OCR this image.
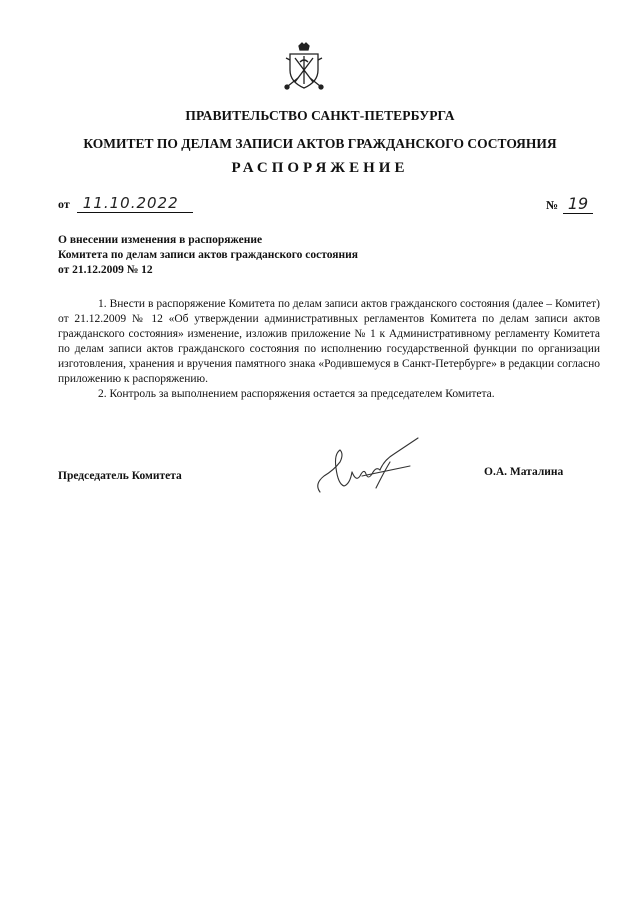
ПРАВИТЕЛЬСТВО САНКТ-ПЕТЕРБУРГА
КОМИТЕТ ПО ДЕЛАМ ЗАПИСИ АКТОВ ГРАЖДАНСКОГО СОСТОЯНИЯ
РАСПОРЯЖЕНИЕ
от 11.10.2022	№ 19
О внесении изменения в распоряжение
Комитета по делам записи актов гражданского состояния
от 21.12.2009 № 12

1. Внести в распоряжение Комитета по делам записи актов гражданского состояния (далее – Комитет) от 21.12.2009 № 12 «Об утверждении административных регламентов Комитета по делам записи актов гражданского состояния» изменение, изложив приложение № 1 к Административному регламенту Комитета по делам записи актов гражданского состояния по исполнению государственной функции по организации изготовления, хранения и вручения памятного знака «Родившемуся в Санкт-Петербурге» в редакции согласно приложению к распоряжению.

2. Контроль за выполнением распоряжения остается за председателем Комитета.

Председатель Комитета	О.А. Маталина
